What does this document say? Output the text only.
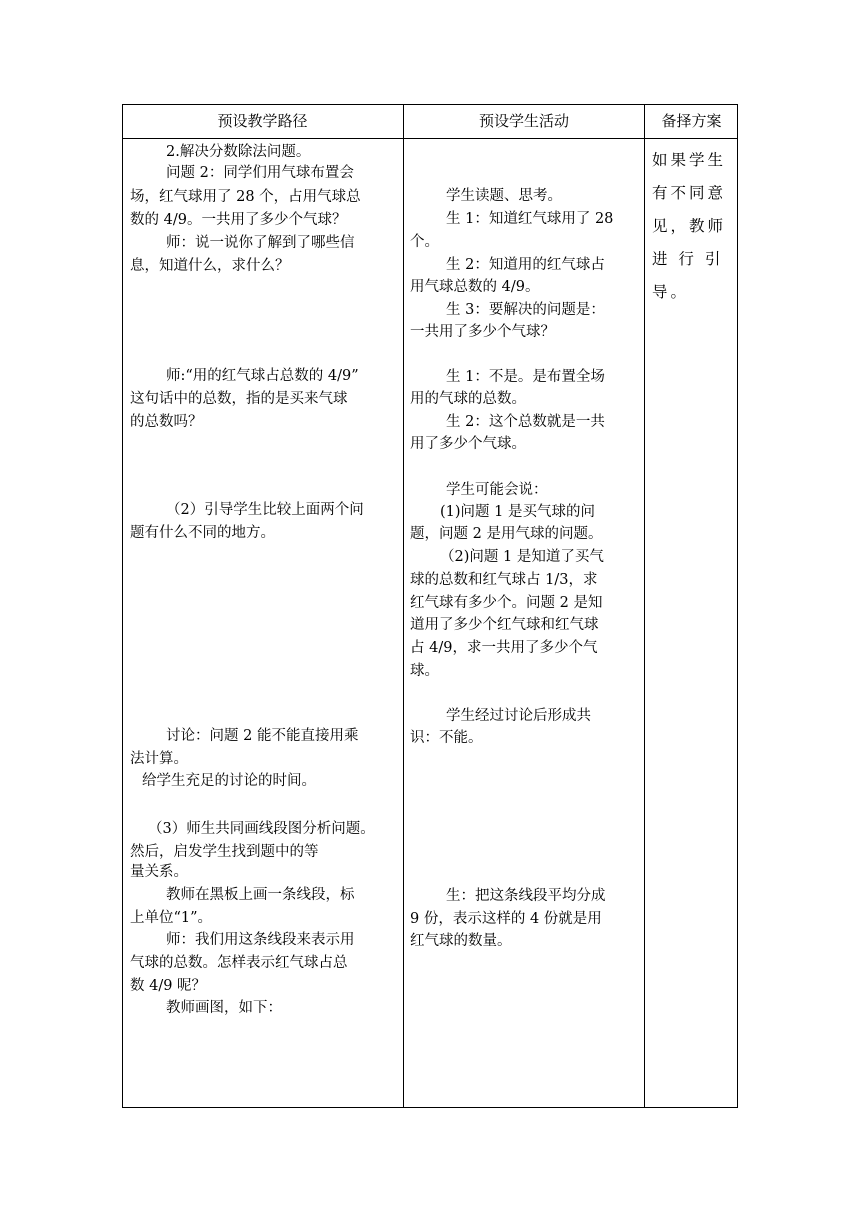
预设教学路径	预设学生活动	备择方案
2.解决分数除法问题。
问题 2：同学们用气球布置会
场，红气球用了 28 个，占用气球总
数的 4/9。一共用了多少个气球？
师：说一说你了解到了哪些信
息，知道什么，求什么？
师:“用的红气球占总数的 4/9”
这句话中的总数，指的是买来气球
的总数吗？
（2）引导学生比较上面两个问
题有什么不同的地方。
讨论：问题 2 能不能直接用乘
法计算。
给学生充足的讨论的时间。
（3）师生共同画线段图分析问题。
然后，启发学生找到题中的等
量关系。
教师在黑板上画一条线段，标
上单位“1”。
师：我们用这条线段来表示用
气球的总数。怎样表示红气球占总
数 4/9 呢？
教师画图，如下：
学生读题、思考。
生 1：知道红气球用了 28
个。
生 2：知道用的红气球占
用气球总数的 4/9。
生 3：要解决的问题是：
一共用了多少个气球？
生 1：不是。是布置全场
用的气球的总数。
生 2：这个总数就是一共
用了多少个气球。
学生可能会说：
(1)问题 1 是买气球的问
题，问题 2 是用气球的问题。
（2)问题 1 是知道了买气
球的总数和红气球占 1/3，求
红气球有多少个。问题 2 是知
道用了多少个红气球和红气球
占 4/9，求一共用了多少个气
球。
学生经过讨论后形成共
识：不能。
生：把这条线段平均分成
9 份，表示这样的 4 份就是用
红气球的数量。
如果学生
有不同意
见，教师
进 行 引
导。
